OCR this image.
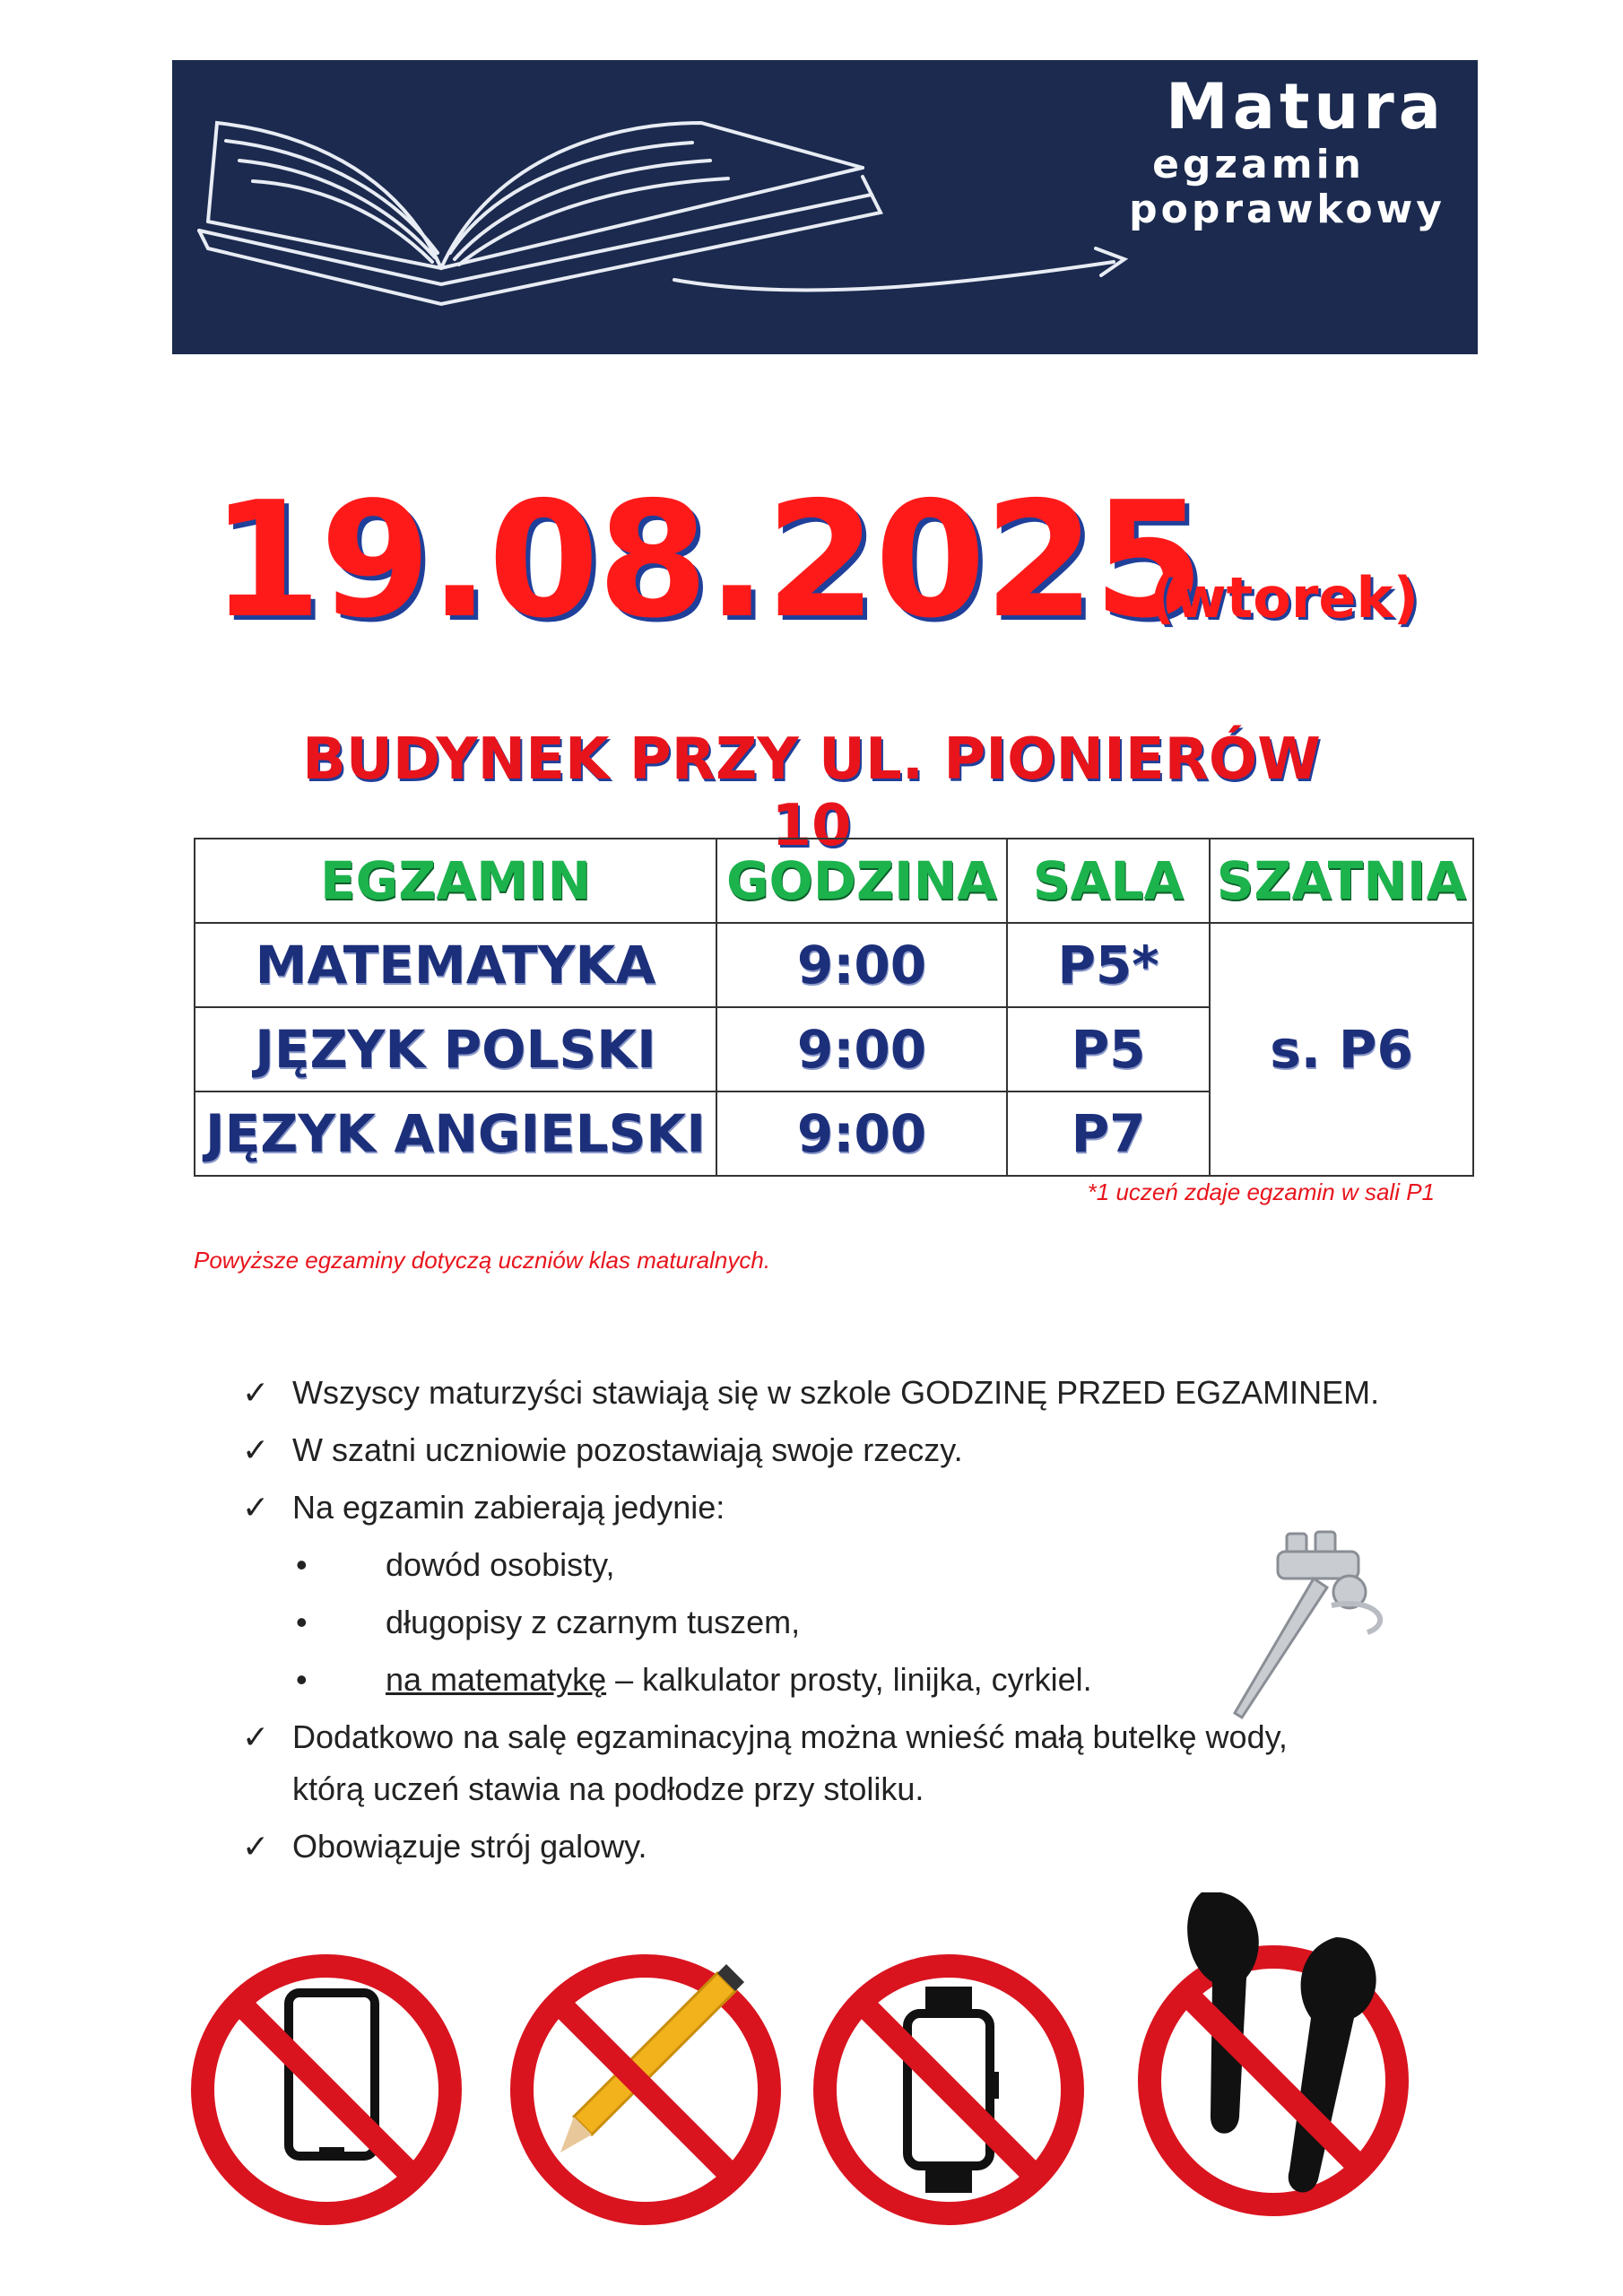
Matura
egzamin
poprawkowy
19.08.2025
(wtorek)
BUDYNEK PRZY UL. PIONIERÓW 10
EGZAMIN	GODZINA	SALA	SZATNIA
MATEMATYKA	9:00	P5*	s. P6
JĘZYK POLSKI	9:00	P5	
JĘZYK ANGIELSKI	9:00	P7	
*1 uczeń zdaje egzamin w sali P1
Powyższe egzaminy dotyczą uczniów klas maturalnych.
✓ Wszyscy maturzyści stawiają się w szkole GODZINĘ PRZED EGZAMINEM.
✓ W szatni uczniowie pozostawiają swoje rzeczy.
✓ Na egzamin zabierają jedynie:
• dowód osobisty,
• długopisy z czarnym tuszem,
• na matematykę – kalkulator prosty, linijka, cyrkiel.
✓ Dodatkowo na salę egzaminacyjną można wnieść małą butelkę wody,
którą uczeń stawia na podłodze przy stoliku.
✓ Obowiązuje strój galowy.
